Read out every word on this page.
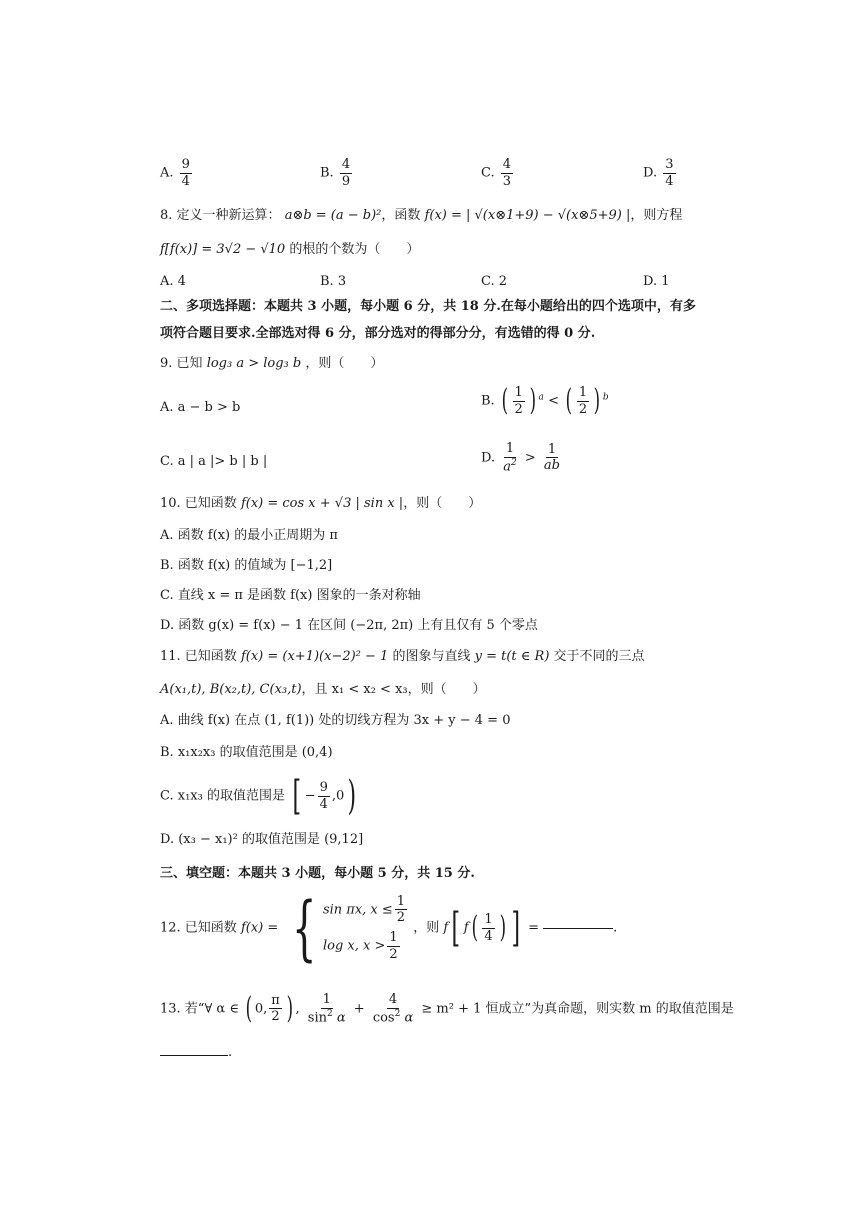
A. $\frac{9}{4}$	B. $\frac{4}{9}$	C. $\frac{4}{3}$	D. $\frac{3}{4}$
8. 定义一种新运算： a⊗b = (a − b)²，函数 f(x) = | √(x⊗1+9) − √(x⊗5+9) |，则方程
f[f(x)] = 3√2 − √10 的根的个数为（　　）
A. 4	B. 3	C. 2	D. 1
二、多项选择题：本题共 3 小题，每小题 6 分，共 18 分.在每小题给出的四个选项中，有多
项符合题目要求.全部选对得 6 分，部分选对的得部分分，有选错的得 0 分.
9. 已知 log₃ a > log₃ b ，则（　　）
A. a − b > b	B. ( $\frac{1}{2}$ ) $^a$ < ( $\frac{1}{2}$ ) $^b$
C. a | a |> b | b |	D. $\frac{1}{a^2} > \frac{1}{ab}$
10. 已知函数 f(x) = cos x + √3 | sin x |，则（　　）
A. 函数 f(x) 的最小正周期为 π
B. 函数 f(x) 的值域为 [−1,2]
C. 直线 x = π 是函数 f(x) 图象的一条对称轴
D. 函数 g(x) = f(x) − 1 在区间 (−2π, 2π) 上有且仅有 5 个零点
11. 已知函数 f(x) = (x+1)(x−2)² − 1 的图象与直线 y = t(t ∈ R) 交于不同的三点
A(x₁,t), B(x₂,t), C(x₃,t)，且 x₁ < x₂ < x₃，则（　　）
A. 曲线 f(x) 在点 (1, f(1)) 处的切线方程为 3x + y − 4 = 0
B. x₁x₂x₃ 的取值范围是 (0,4)
C. x₁x₃ 的取值范围是 [ − $\frac{9}{4} ,0$)
D. (x₃ − x₁)² 的取值范围是 (9,12]
三、填空题：本题共 3 小题，每小题 5 分，共 15 分.
12. 已知函数 f(x) = { sin πx, $x \le \frac{1}{2}$
log x, $x > \frac{1}{2}$
，则 f[ $f( \frac{1}{4}$ ) ] =	.
13. 若“∀ α ∈ ( 0, $\frac{\pi}{2}$ ) , $\frac{1}{\sin^2 \alpha} + \frac{4}{\cos^2 \alpha} \ge m^2 + 1$ 恒成立”为真命题，则实数 m 的取值范围是
.
